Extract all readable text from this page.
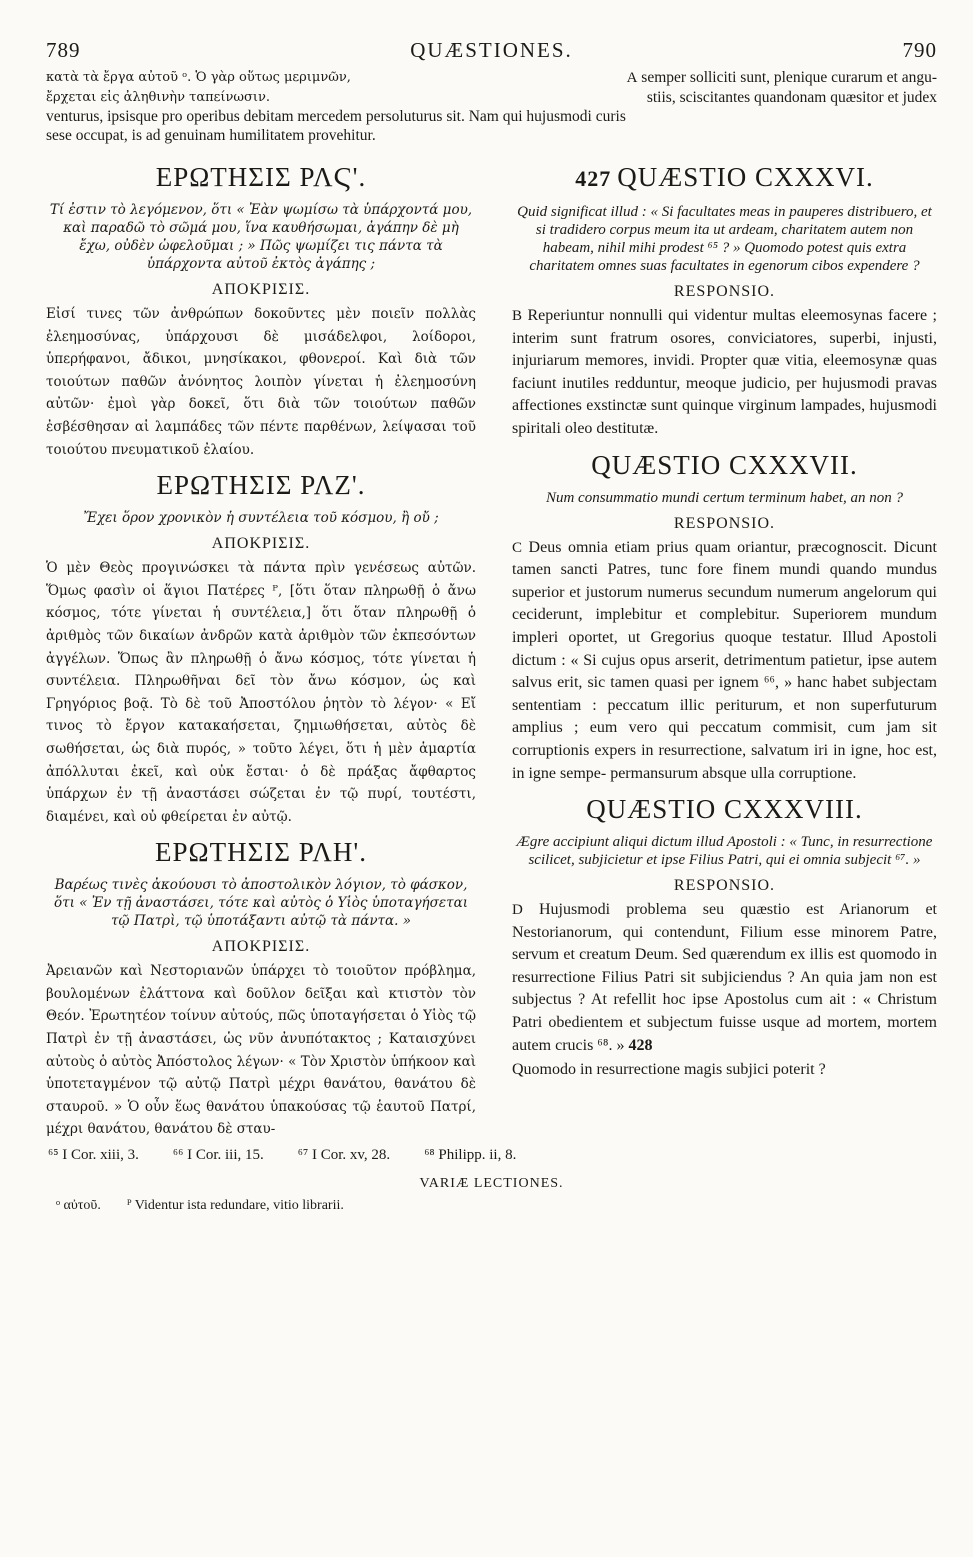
789	QUÆSTIONES.	790
κατὰ τὰ ἔργα αὐτοῦ ᵒ. Ὁ γὰρ οὕτως μεριμνῶν,	A semper solliciti sunt, plenique curarum et angu-
ἔρχεται εἰς ἀληθινὴν ταπείνωσιν.	stiis, sciscitantes quandonam quæsitor et judex
venturus, ipsisque pro operibus debitam mercedem persoluturus sit. Nam qui hujusmodi curis
sese occupat, is ad genuinam humilitatem provehitur.
ΕΡΩΤΗΣΙΣ ΡΛϚ'.
Τί ἐστιν τὸ λεγόμενον, ὅτι « Ἐὰν ψωμίσω τὰ ὑπάρχοντά μου, καὶ παραδῶ τὸ σῶμά μου, ἵνα καυθήσωμαι, ἀγάπην δὲ μὴ ἔχω, οὐδὲν ὠφελοῦμαι ; » Πῶς ψωμίζει τις πάντα τὰ ὑπάρχοντα αὐτοῦ ἐκτὸς ἀγάπης ;
ΑΠΟΚΡΙΣΙΣ.
Εἰσί τινες τῶν ἀνθρώπων δοκοῦντες μὲν ποιεῖν πολλὰς ἐλεημοσύνας, ὑπάρχουσι δὲ μισάδελφοι, λοίδοροι, ὑπερήφανοι, ἄδικοι, μνησίκακοι, φθονεροί. Καὶ διὰ τῶν τοιούτων παθῶν ἀνόνητος λοιπὸν γίνεται ἡ ἐλεημοσύνη αὐτῶν· ἐμοὶ γὰρ δοκεῖ, ὅτι διὰ τῶν τοιούτων παθῶν ἐσβέσθησαν αἱ λαμπάδες τῶν πέντε παρθένων, λείψασαι τοῦ τοιούτου πνευματικοῦ ἐλαίου.
ΕΡΩΤΗΣΙΣ ΡΛΖ'.
Ἔχει ὅρον χρονικὸν ἡ συντέλεια τοῦ κόσμου, ἢ οὔ ;
ΑΠΟΚΡΙΣΙΣ.
Ὁ μὲν Θεὸς προγινώσκει τὰ πάντα πρὶν γενέσεως αὐτῶν. Ὅμως φασὶν οἱ ἅγιοι Πατέρες ᴾ, [ὅτι ὅταν πληρωθῇ ὁ ἄνω κόσμος, τότε γίνεται ἡ συντέλεια,] ὅτι ὅταν πληρωθῇ ὁ ἀριθμὸς τῶν δικαίων ἀνδρῶν κατὰ ἀριθμὸν τῶν ἐκπεσόντων ἀγγέλων. Ὅπως ἂν πληρωθῇ ὁ ἄνω κόσμος, τότε γίνεται ἡ συντέλεια. Πληρωθῆναι δεῖ τὸν ἄνω κόσμον, ὡς καὶ Γρηγόριος βοᾷ. Τὸ δὲ τοῦ Ἀποστόλου ῥητὸν τὸ λέγον· « Εἴ τινος τὸ ἔργον κατακαήσεται, ζημιωθήσεται, αὐτὸς δὲ σωθήσεται, ὡς διὰ πυρός, » τοῦτο λέγει, ὅτι ἡ μὲν ἁμαρτία ἀπόλλυται ἐκεῖ, καὶ οὐκ ἔσται· ὁ δὲ πράξας ἄφθαρτος ὑπάρχων ἐν τῇ ἀναστάσει σώζεται ἐν τῷ πυρί, τουτέστι, διαμένει, καὶ οὐ φθείρεται ἐν αὐτῷ.
ΕΡΩΤΗΣΙΣ ΡΛΗ'.
Βαρέως τινὲς ἀκούουσι τὸ ἀποστολικὸν λόγιον, τὸ φάσκον, ὅτι « Ἐν τῇ ἀναστάσει, τότε καὶ αὐτὸς ὁ Υἱὸς ὑποταγήσεται τῷ Πατρὶ, τῷ ὑποτάξαντι αὐτῷ τὰ πάντα. »
ΑΠΟΚΡΙΣΙΣ.
Ἀρειανῶν καὶ Νεστοριανῶν ὑπάρχει τὸ τοιοῦτον πρόβλημα, βουλομένων ἐλάττονα καὶ δοῦλον δεῖξαι καὶ κτιστὸν τὸν Θεόν. Ἐρωτητέον τοίνυν αὐτούς, πῶς ὑποταγήσεται ὁ Υἱὸς τῷ Πατρὶ ἐν τῇ ἀναστάσει, ὡς νῦν ἀνυπότακτος ; Καταισχύνει αὐτοὺς ὁ αὐτὸς Ἀπόστολος λέγων· « Τὸν Χριστὸν ὑπήκοον καὶ ὑποτεταγμένον τῷ αὐτῷ Πατρὶ μέχρι θανάτου, θανάτου δὲ σταυροῦ. » Ὁ οὖν ἕως θανάτου ὑπακούσας τῷ ἑαυτοῦ Πατρί, μέχρι θανάτου, θανάτου δὲ σταυ-
427 QUÆSTIO CXXXVI.
Quid significat illud : « Si facultates meas in pauperes distribuero, et si tradidero corpus meum ita ut ardeam, charitatem autem non habeam, nihil mihi prodest ⁶⁵ ? » Quomodo potest quis extra charitatem omnes suas facultates in egenorum cibos expendere ?
RESPONSIO.
B Reperiuntur nonnulli qui videntur multas eleemosynas facere ; interim sunt fratrum osores, conviciatores, superbi, injusti, injuriarum memores, invidi. Propter quæ vitia, eleemosynæ quas faciunt inutiles redduntur, meoque judicio, per hujusmodi pravas affectiones exstinctæ sunt quinque virginum lampades, hujusmodi spiritali oleo destitutæ.
QUÆSTIO CXXXVII.
Num consummatio mundi certum terminum habet, an non ?
RESPONSIO.
C Deus omnia etiam prius quam oriantur, præcognoscit. Dicunt tamen sancti Patres, tunc fore finem mundi quando mundus superior et justorum numerus secundum numerum angelorum qui ceciderunt, implebitur et complebitur. Superiorem mundum impleri oportet, ut Gregorius quoque testatur. Illud Apostoli dictum : « Si cujus opus arserit, detrimentum patietur, ipse autem salvus erit, sic tamen quasi per ignem ⁶⁶, » hanc habet subjectam sententiam : peccatum illic periturum, et non superfuturum amplius ; eum vero qui peccatum commisit, cum jam sit corruptionis expers in resurrectione, salvatum iri in igne, hoc est, in igne sempe- permansurum absque ulla corruptione.
QUÆSTIO CXXXVIII.
Ægre accipiunt aliqui dictum illud Apostoli : « Tunc, in resurrectione scilicet, subjicietur et ipse Filius Patri, qui ei omnia subjecit ⁶⁷. »
RESPONSIO.
D Hujusmodi problema seu quæstio est Arianorum et Nestorianorum, qui contendunt, Filium esse minorem Patre, servum et creatum Deum. Sed quærendum ex illis est quomodo in resurrectione Filius Patri sit subjiciendus ? An quia jam non est subjectus ? At refellit hoc ipse Apostolus cum ait : « Christum Patri obedientem et subjectum fuisse usque ad mortem, mortem autem crucis ⁶⁸. » 428
Quomodo in resurrectione magis subjici poterit ?
⁶⁵ I Cor. xiii, 3. ⁶⁶ I Cor. iii, 15. ⁶⁷ I Cor. xv, 28. ⁶⁸ Philipp. ii, 8.
VARIÆ LECTIONES.
ᵒ αὐτοῦ. ᴾ Videntur ista redundare, vitio librarii.
